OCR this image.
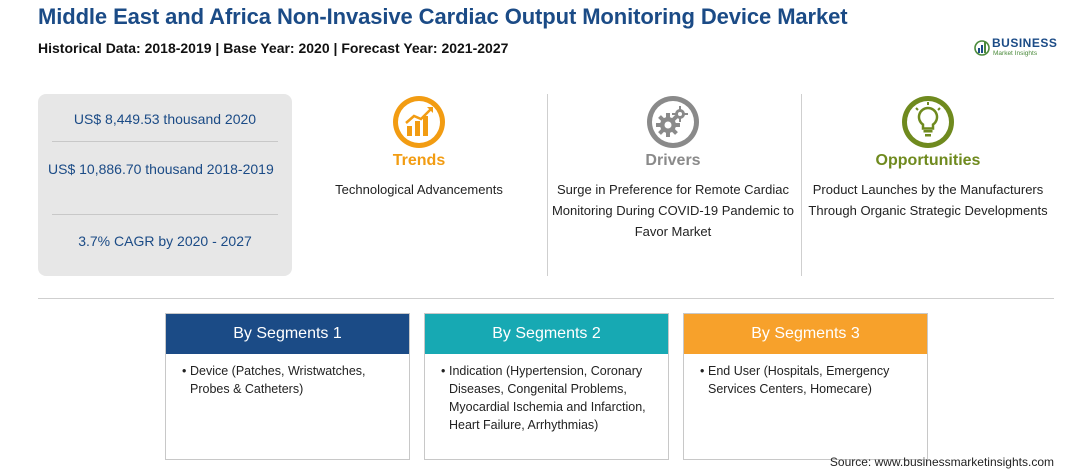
Middle East and Africa Non-Invasive Cardiac Output Monitoring Device Market
Historical Data: 2018-2019 | Base Year: 2020 | Forecast Year: 2021-2027	BUSINESS
Market Insights
US$ 8,449.53 thousand 2020
US$ 10,886.70 thousand 2018-2019
3.7% CAGR by 2020 - 2027
Trends
Technological Advancements
Drivers
Surge in Preference for Remote Cardiac Monitoring During COVID-19 Pandemic to Favor Market
Opportunities
Product Launches by the Manufacturers Through Organic Strategic Developments
By Segments 1
• Device (Patches, Wristwatches, Probes & Catheters)
By Segments 2
• Indication (Hypertension, Coronary Diseases, Congenital Problems, Myocardial Ischemia and Infarction, Heart Failure, Arrhythmias)
By Segments 3
• End User (Hospitals, Emergency Services Centers, Homecare)
Source: www.businessmarketinsights.com
